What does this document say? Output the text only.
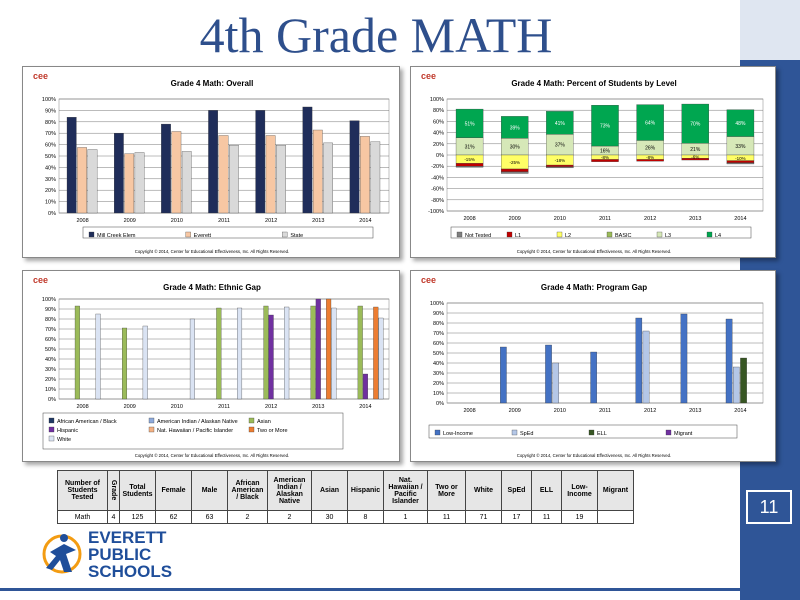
4th Grade MATH
cee
Grade 4 Math: Overall
Copyright © 2014, Center for Educational Effectiveness, Inc. All Rights Reserved.
0%
10%
20%
30%
40%
50%
60%
70%
80%
90%
100%
2008	2009	2010	2011	2012	2013	2014
Mill Creek Elem	Everett	State
cee
Grade 4 Math: Percent of Students by Level
Copyright © 2014, Center for Educational Effectiveness, Inc. All Rights Reserved.
-100%
-80%
-60%
-40%
-20%
0%
20%
40%
60%
80%
100%
2008	2009	2010	2011	2012	2013	2014
31%
51%
-15%
30%
39%
-25%
37%
41%
-18%
16%
73%
-8%
26%
64%
-8%
21%
70%
-6%
33%
48%
-10%
Not Tested	L1	L2	BASIC	L3	L4
cee
Grade 4 Math: Ethnic Gap
Copyright © 2014, Center for Educational Effectiveness, Inc. All Rights Reserved.
0%
10%
20%
30%
40%
50%
60%
70%
80%
90%
100%
2008	2009	2010	2011	2012	2013	2014
African American / Black	American Indian / Alaskan Native	Asian
Hispanic	Nat. Hawaiian / Pacific Islander	Two or More
White
cee
Grade 4 Math: Program Gap
Copyright © 2014, Center for Educational Effectiveness, Inc. All Rights Reserved.
0%
10%
20%
30%
40%
50%
60%
70%
80%
90%
100%
2008	2009	2010	2011	2012	2013	2014
Low-Income	SpEd	ELL	Migrant
Number of Students Tested	Grade	Total Students	Female	Male	African American / Black	American Indian / Alaskan Native	Asian	Hispanic	Nat. Hawaiian / Pacific Islander	Two or More	White	SpEd	ELL	Low-Income	Migrant
Math	4	125	62	63	2	2	30	8	1	11	71	17	11	19		11
EVERETT
PUBLIC
SCHOOLS
